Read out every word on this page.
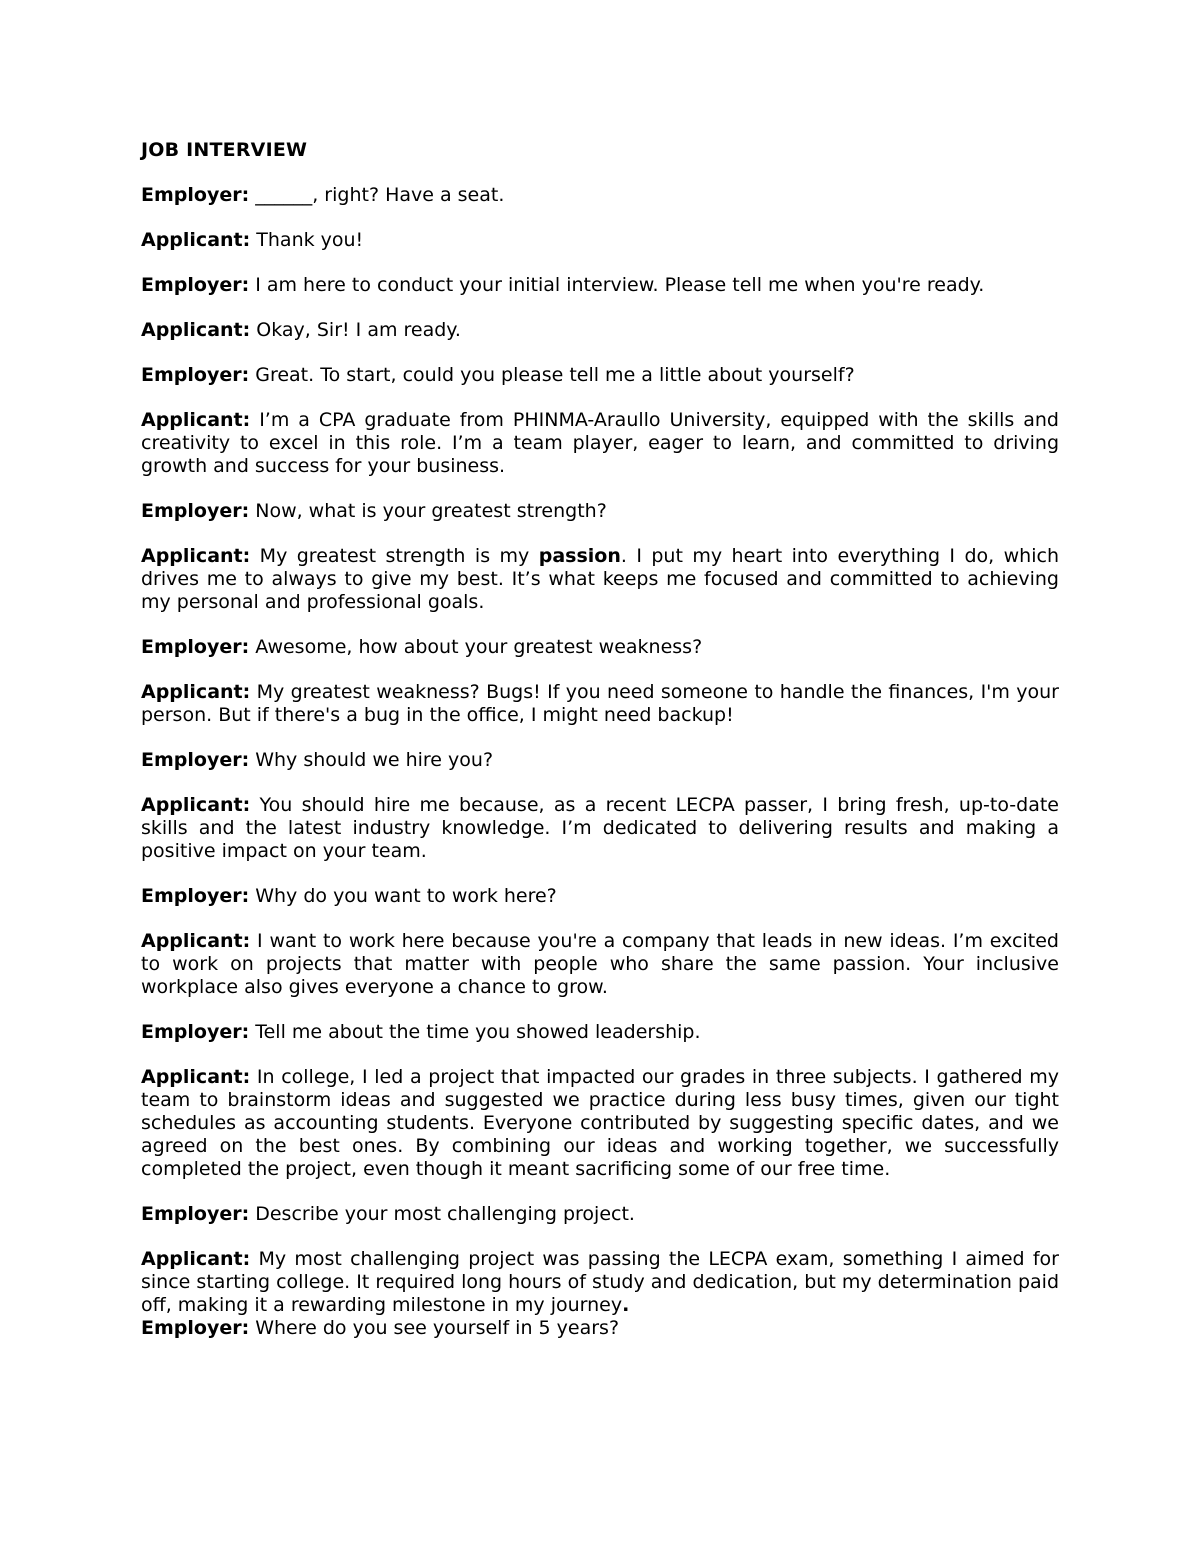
JOB INTERVIEW

Employer: ______, right? Have a seat.

Applicant: Thank you!

Employer: I am here to conduct your initial interview. Please tell me when you're ready.

Applicant: Okay, Sir! I am ready.

Employer: Great. To start, could you please tell me a little about yourself?

Applicant: I’m a CPA graduate from PHINMA-Araullo University, equipped with the skills and creativity to excel in this role. I’m a team player, eager to learn, and committed to driving growth and success for your business.

Employer: Now, what is your greatest strength?

Applicant: My greatest strength is my passion. I put my heart into everything I do, which drives me to always to give my best. It’s what keeps me focused and committed to achieving my personal and professional goals.

Employer: Awesome, how about your greatest weakness?

Applicant: My greatest weakness? Bugs! If you need someone to handle the finances, I'm your person. But if there's a bug in the office, I might need backup!

Employer: Why should we hire you?

Applicant: You should hire me because, as a recent LECPA passer, I bring fresh, up-to-date skills and the latest industry knowledge. I’m dedicated to delivering results and making a positive impact on your team.

Employer: Why do you want to work here?

Applicant: I want to work here because you're a company that leads in new ideas. I’m excited to work on projects that matter with people who share the same passion. Your inclusive workplace also gives everyone a chance to grow.

Employer: Tell me about the time you showed leadership.

Applicant: In college, I led a project that impacted our grades in three subjects. I gathered my team to brainstorm ideas and suggested we practice during less busy times, given our tight schedules as accounting students. Everyone contributed by suggesting specific dates, and we agreed on the best ones. By combining our ideas and working together, we successfully completed the project, even though it meant sacrificing some of our free time.

Employer: Describe your most challenging project.

Applicant: My most challenging project was passing the LECPA exam, something I aimed for since starting college. It required long hours of study and dedication, but my determination paid off, making it a rewarding milestone in my journey.

Employer: Where do you see yourself in 5 years?
